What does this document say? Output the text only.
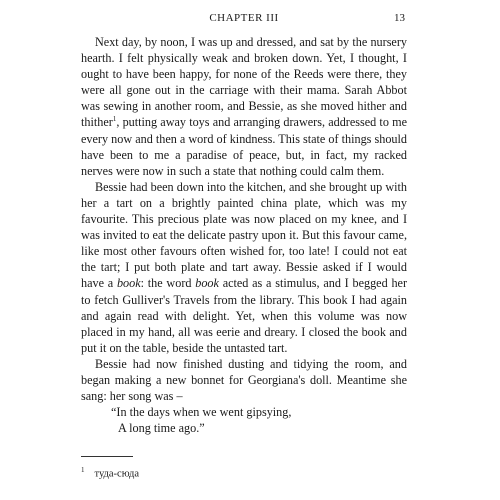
CHAPTER III	13

Next day, by noon, I was up and dressed, and sat by the nursery hearth. I felt physically weak and broken down. Yet, I thought, I ought to have been happy, for none of the Reeds were there, they were all gone out in the carriage with their mama. Sarah Abbot was sewing in another room, and Bessie, as she moved hither and thither$^1$, putting away toys and arranging drawers, addressed to me every now and then a word of kindness. This state of things should have been to me a paradise of peace, but, in fact, my racked nerves were now in such a state that nothing could calm them.

Bessie had been down into the kitchen, and she brought up with her a tart on a brightly painted china plate, which was my favourite. This precious plate was now placed on my knee, and I was invited to eat the delicate pastry upon it. But this favour came, like most other favours often wished for, too late! I could not eat the tart; I put both plate and tart away. Bessie asked if I would have a book: the word book acted as a stimulus, and I begged her to fetch Gulliver's Travels from the library. This book I had again and again read with delight. Yet, when this volume was now placed in my hand, all was eerie and dreary. I closed the book and put it on the table, beside the untasted tart.

Bessie had now finished dusting and tidying the room, and began making a new bonnet for Georgiana's doll. Meantime she sang: her song was –

“In the days when we went gipsying,
A long time ago.”
$^1$ туда-сюда
